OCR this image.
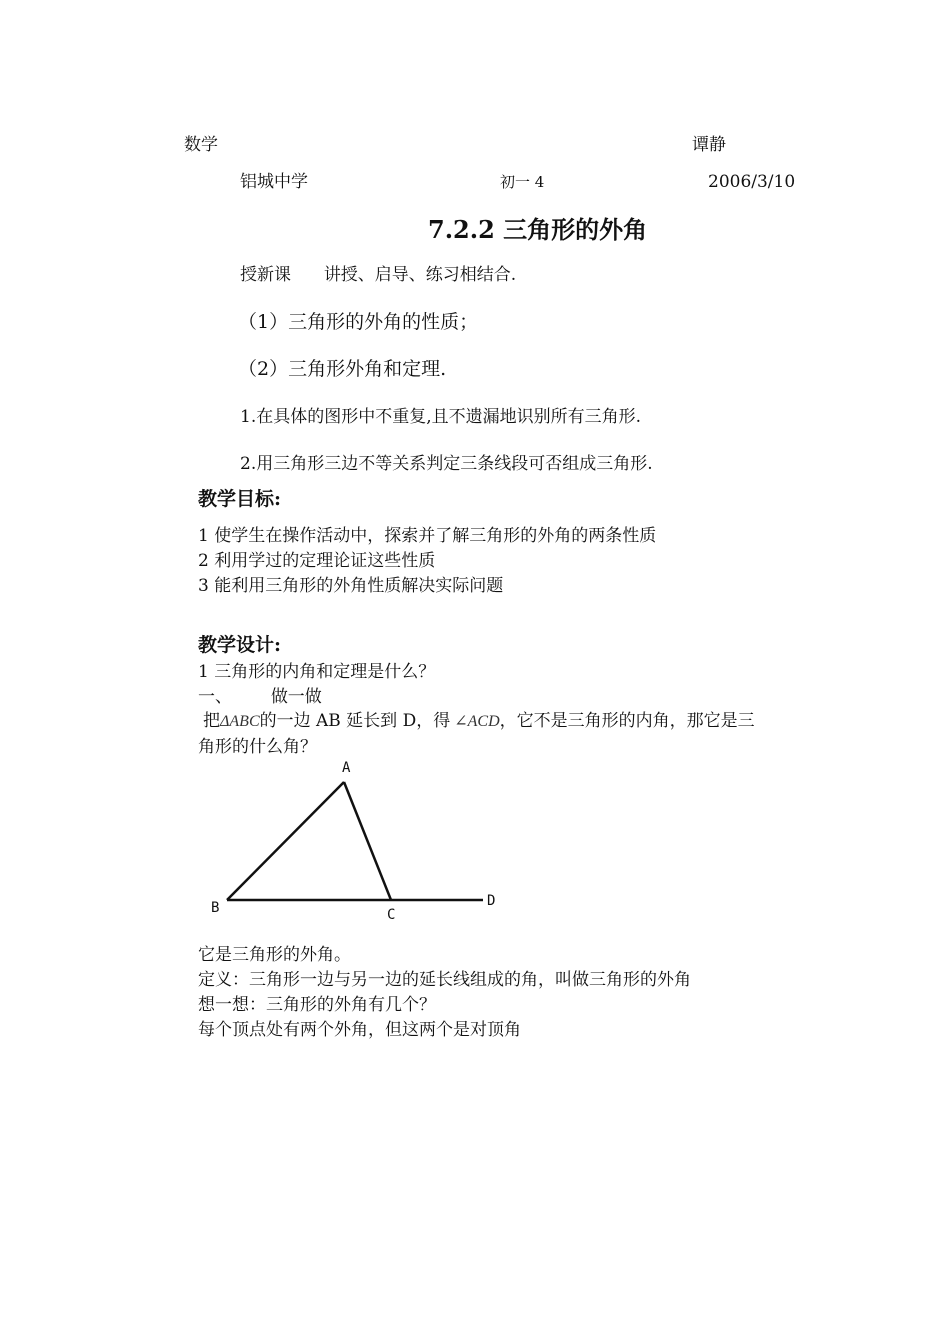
数学	谭静
铝城中学	初一 4	2006/3/10
7.2.2 三角形的外角
授新课 讲授、启导、练习相结合.
（1）三角形的外角的性质；
（2）三角形外角和定理.
1.在具体的图形中不重复,且不遗漏地识别所有三角形.
2.用三角形三边不等关系判定三条线段可否组成三角形.
教学目标:
1 使学生在操作活动中，探索并了解三角形的外角的两条性质
2 利用学过的定理论证这些性质
3 能利用三角形的外角性质解决实际问题
教学设计:
1 三角形的内角和定理是什么？
一、 做一做
把ΔABC的一边 AB 延长到 D，得 ∠ACD，它不是三角形的内角，那它是三
角形的什么角？
A
B	C
D
它是三角形的外角。
定义：三角形一边与另一边的延长线组成的角，叫做三角形的外角
想一想：三角形的外角有几个？
每个顶点处有两个外角，但这两个是对顶角
